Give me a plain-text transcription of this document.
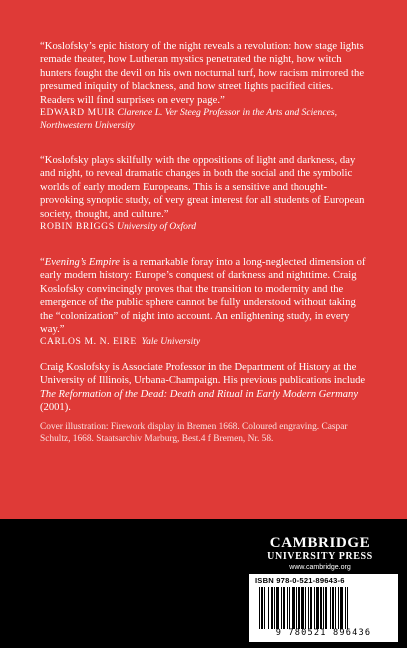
“Koslofsky’s epic history of the night reveals a revolution: how stage lights remade theater, how Lutheran mystics penetrated the night, how witch hunters fought the devil on his own nocturnal turf, how racism mirrored the presumed iniquity of blackness, and how street lights pacified cities. Readers will find surprises on every page.”

EDWARD MUIR Clarence L. Ver Steeg Professor in the Arts and Sciences, Northwestern University

“Koslofsky plays skilfully with the oppositions of light and darkness, day and night, to reveal dramatic changes in both the social and the symbolic worlds of early modern Europeans. This is a sensitive and thought-provoking synoptic study, of very great interest for all students of European society, thought, and culture.”

ROBIN BRIGGS University of Oxford

“Evening’s Empire is a remarkable foray into a long-neglected dimension of early modern history: Europe’s conquest of darkness and nighttime. Craig Koslofsky convincingly proves that the transition to modernity and the emergence of the public sphere cannot be fully understood without taking the “colonization” of night into account. An enlightening study, in every way.”

CARLOS M. N. EIRE Yale University

Craig Koslofsky is Associate Professor in the Department of History at the University of Illinois, Urbana-Champaign. His previous publications include The Reformation of the Dead: Death and Ritual in Early Modern Germany (2001).

Cover illustration: Firework display in Bremen 1668. Coloured engraving. Caspar Schultz, 1668. Staatsarchiv Marburg, Best.4 f Bremen, Nr. 58.

CAMBRIDGE
UNIVERSITY PRESS
www.cambridge.org
ISBN 978-0-521-89643-6
9 780521 896436
